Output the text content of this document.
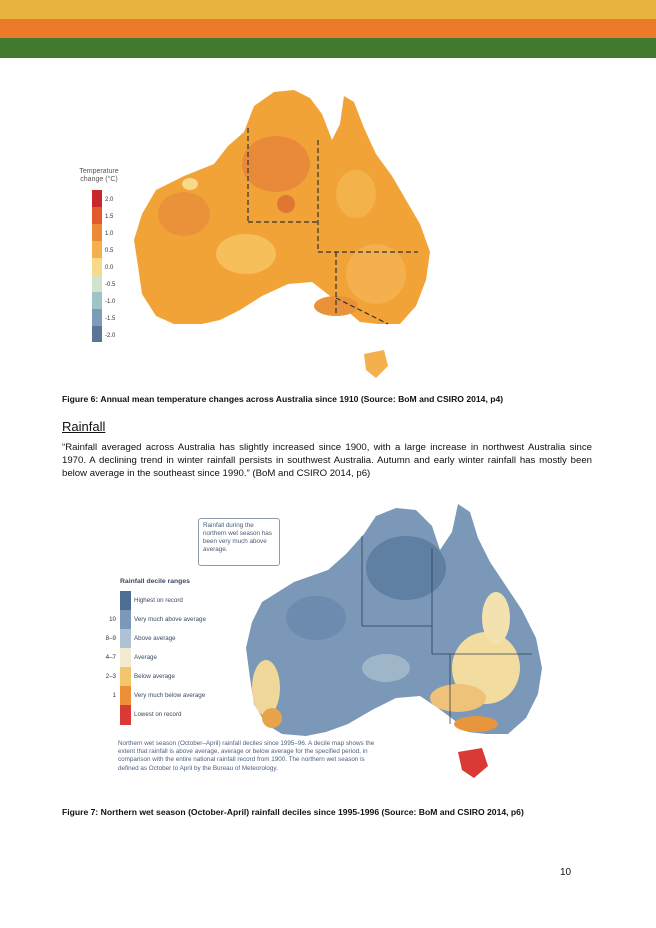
Temperature change (°C)
2.0
1.5
1.0
0.5
0.0
-0.5
-1.0
-1.5
-2.0
Figure 6: Annual mean temperature changes across Australia since 1910 (Source: BoM and CSIRO 2014, p4)
Rainfall
“Rainfall averaged across Australia has slightly increased since 1900, with a large increase in northwest Australia since 1970. A declining trend in winter rainfall persists in southwest Australia. Autumn and early winter rainfall has mostly been below average in the southeast since 1990.” (BoM and CSIRO 2014, p6)
Rainfall during the northern wet season has been very much above average.
Rainfall decile ranges
Highest on record
10	Very much above average
8–9	Above average
4–7	Average
2–3	Below average
1	Very much below average
Lowest on record
Northern wet season (October–April) rainfall deciles since 1995–96. A decile map shows the extent that rainfall is above average, average or below average for the specified period, in comparison with the entire national rainfall record from 1900. The northern wet season is defined as October to April by the Bureau of Meteorology.
Figure 7: Northern wet season (October-April) rainfall deciles since 1995-1996 (Source: BoM and CSIRO 2014, p6)
10
